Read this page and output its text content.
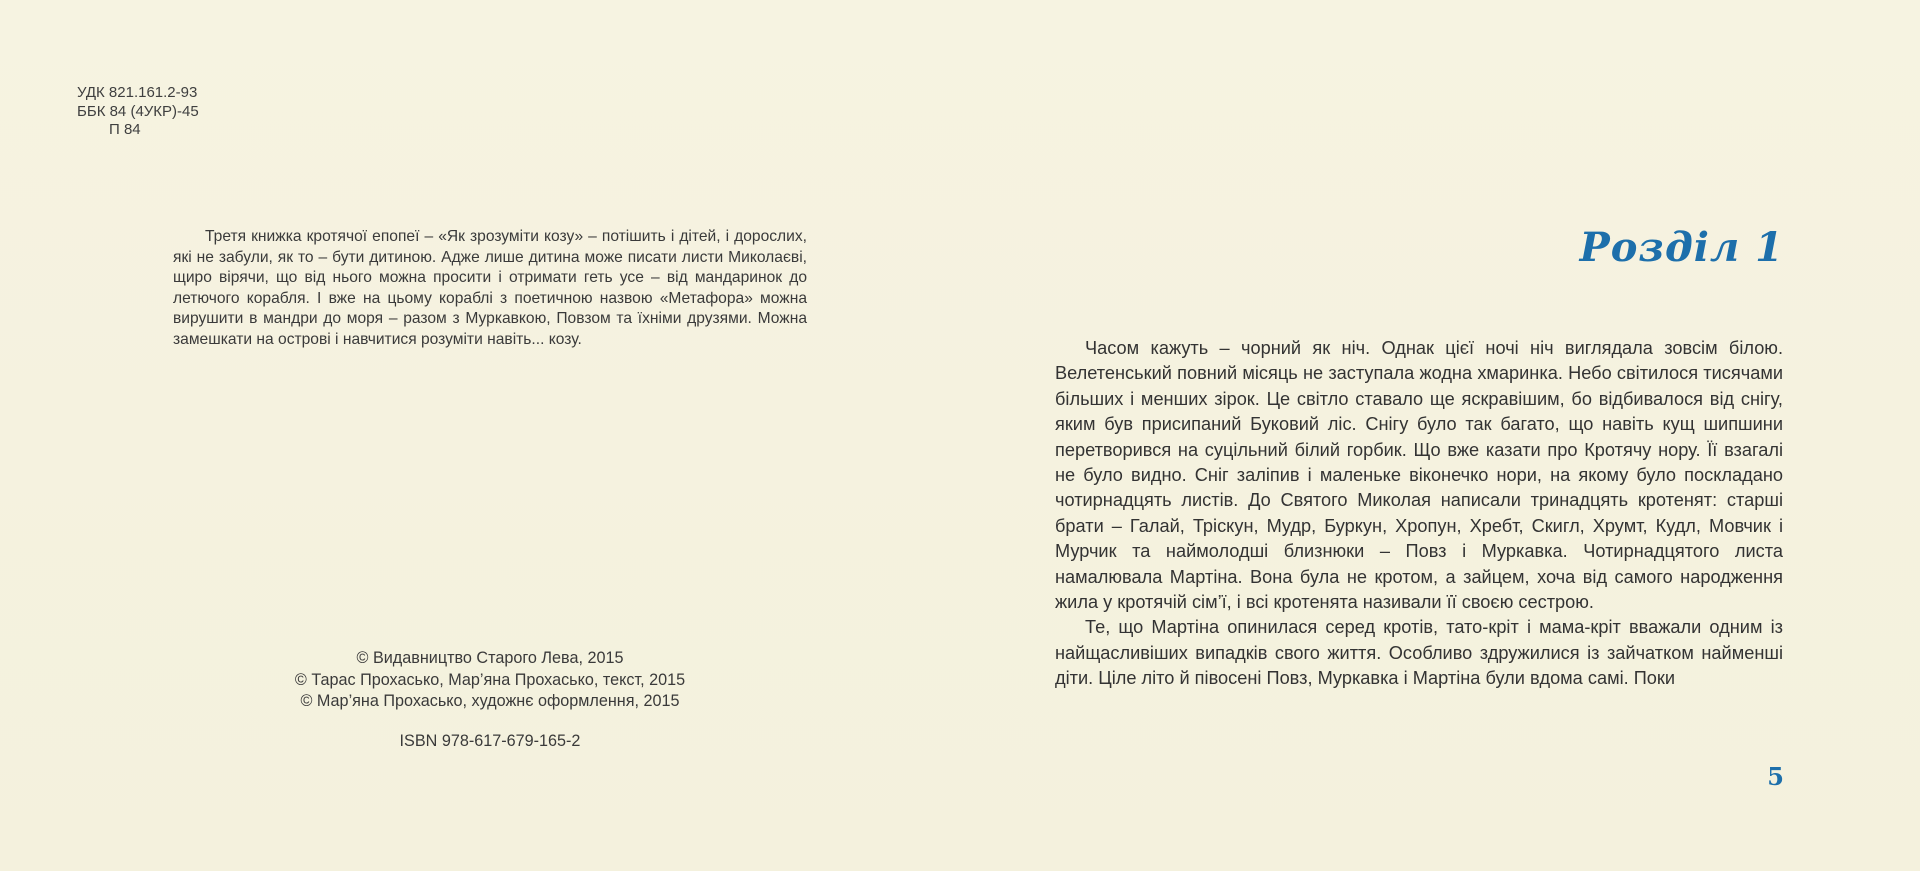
УДК 821.161.2-93
ББК 84 (4УКР)-45
П 84

Третя книжка кротячої епопеї – «Як зрозуміти козу» – потішить і дітей, і дорослих, які не забули, як то – бути дитиною. Адже лише дитина може писати листи Миколаєві, щиро вірячи, що від нього можна просити і отримати геть усе – від мандаринок до летючого корабля. І вже на цьому кораблі з поетичною назвою «Метафора» можна вирушити в мандри до моря – разом з Муркавкою, Повзом та їхніми друзями. Можна замешкати на острові і навчитися розуміти навіть... козу.

© Видавництво Старого Лева, 2015
© Тарас Прохасько, Мар’яна Прохасько, текст, 2015
© Мар’яна Прохасько, художнє оформлення, 2015
ISBN 978-617-679-165-2
Розділ 1

Часом кажуть – чорний як ніч. Однак цієї ночі ніч виглядала зовсім білою. Велетенський повний місяць не заступала жодна хмаринка. Небо світилося тисячами більших і менших зірок. Це світло ставало ще яскравішим, бо відбивалося від снігу, яким був присипаний Буковий ліс. Снігу було так багато, що навіть кущ шипшини перетворився на суцільний білий горбик. Що вже казати про Кротячу нору. Її взагалі не було видно. Сніг заліпив і маленьке віконечко нори, на якому було поскладано чотирнадцять листів. До Святого Миколая написали тринадцять кротенят: старші брати – Галай, Тріскун, Мудр, Буркун, Хропун, Хребт, Скигл, Хрумт, Кудл, Мовчик і Мурчик та наймолодші близнюки – Повз і Муркавка. Чотирнадцятого листа намалювала Мартіна. Вона була не кротом, а зайцем, хоча від самого народження жила у кротячій сім’ї, і всі кротенята називали її своєю сестрою.

Те, що Мартіна опинилася серед кротів, тато-кріт і мама-кріт вважали одним із найщасливіших випадків свого життя. Особливо здружилися із зайчатком найменші діти. Ціле літо й півосені Повз, Муркавка і Мартіна були вдома самі. Поки

5
